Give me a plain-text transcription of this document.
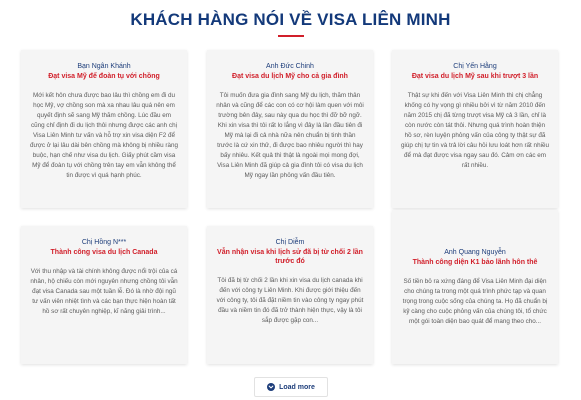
KHÁCH HÀNG NÓI VỀ VISA LIÊN MINH
Bạn Ngân Khánh
Đạt visa Mỹ để đoàn tụ với chồng
Mới kết hôn chưa được bao lâu thì chồng em đi du học Mỹ, vợ chồng son mà xa nhau lâu quá nên em quyết định sẽ sang Mỹ thăm chồng. Lúc đầu em cũng chỉ định đi du lịch thôi nhưng được các anh chị Visa Liên Minh tư vấn và hỗ trợ xin visa diện F2 để được ở lại lâu dài bên chồng mà không bị nhiều ràng buộc, hạn chế như visa du lịch. Giấy phút cầm visa Mỹ để đoàn tụ với chồng trên tay em vẫn không thể tin được vì quá hạnh phúc.
Anh Đức Chinh
Đạt visa du lịch Mỹ cho cả gia đình
Tôi muốn đưa gia đình sang Mỹ du lịch, thăm thân nhân và cũng để các con có cơ hội làm quen với môi trường bên đây, sau này qua du học thì đỡ bỡ ngỡ. Khi xin visa thì tôi rất lo lắng vì đây là lần đầu tiên đi Mỹ mà lại đi cả nhà nữa nên chuẩn bị tinh thần trước là cứ xin thử, đi được bao nhiêu người thì hay bấy nhiêu. Kết quả thì thật là ngoài mọi mong đợi, Visa Liên Minh đã giúp cả gia đình tôi có visa du lịch Mỹ ngay lần phỏng vấn đầu tiên.
Chị Yến Hằng
Đạt visa du lịch Mỹ sau khi trượt 3 lần
Thật sự khi đến với Visa Liên Minh thì chị chẳng khống có hy vọng gì nhiều bởi vì từ năm 2010 đến năm 2015 chị đã từng trượt visa Mỹ cả 3 lần, chỉ là còn nước còn tát thôi. Nhưng quá trình hoàn thiện hồ sơ, rèn luyện phỏng vấn của công ty thật sự đã giúp chị tự tin và trả lời câu hỏi lưu loát hơn rất nhiều để mà đạt được visa ngay sau đó. Cảm ơn các em rất nhiều.
Chị Hồng N***
Thành công visa du lịch Canada
Với thu nhập và tài chính không được nổi trội của cá nhân, hộ chiếu còn mới nguyên nhưng chồng tôi vẫn đạt visa Canada sau một tuần lễ. Đó là nhờ đội ngũ tư vấn viên nhiệt tình và các bạn thực hiện hoàn tất hồ sơ rất chuyên nghiệp, kĩ năng giải trình...
Chị Diễm
Vẫn nhận visa khi lịch sử đã bị từ chối 2 lần trước đó
Tôi đã bị từ chối 2 lần khi xin visa du lịch canada khi đến với công ty Liên Minh. Khi được giới thiệu đến với công ty, tôi đã đặt niềm tin vào công ty ngay phút đầu và niềm tin đó đã trở thành hiện thực, vậy là tôi sắp được gặp con...
Anh Quang Nguyễn
Thành công diện K1 bảo lãnh hôn thê
Số tiền bỏ ra xứng đáng để Visa Liên Minh đại diện cho chúng ta trong một quá trình phức tạp và quan trọng trong cuộc sống của chúng ta. Họ đã chuẩn bị kỹ càng cho cuộc phỏng vấn của chúng tôi, tổ chức một gói toàn diện bao quát để mang theo cho...
Load more
